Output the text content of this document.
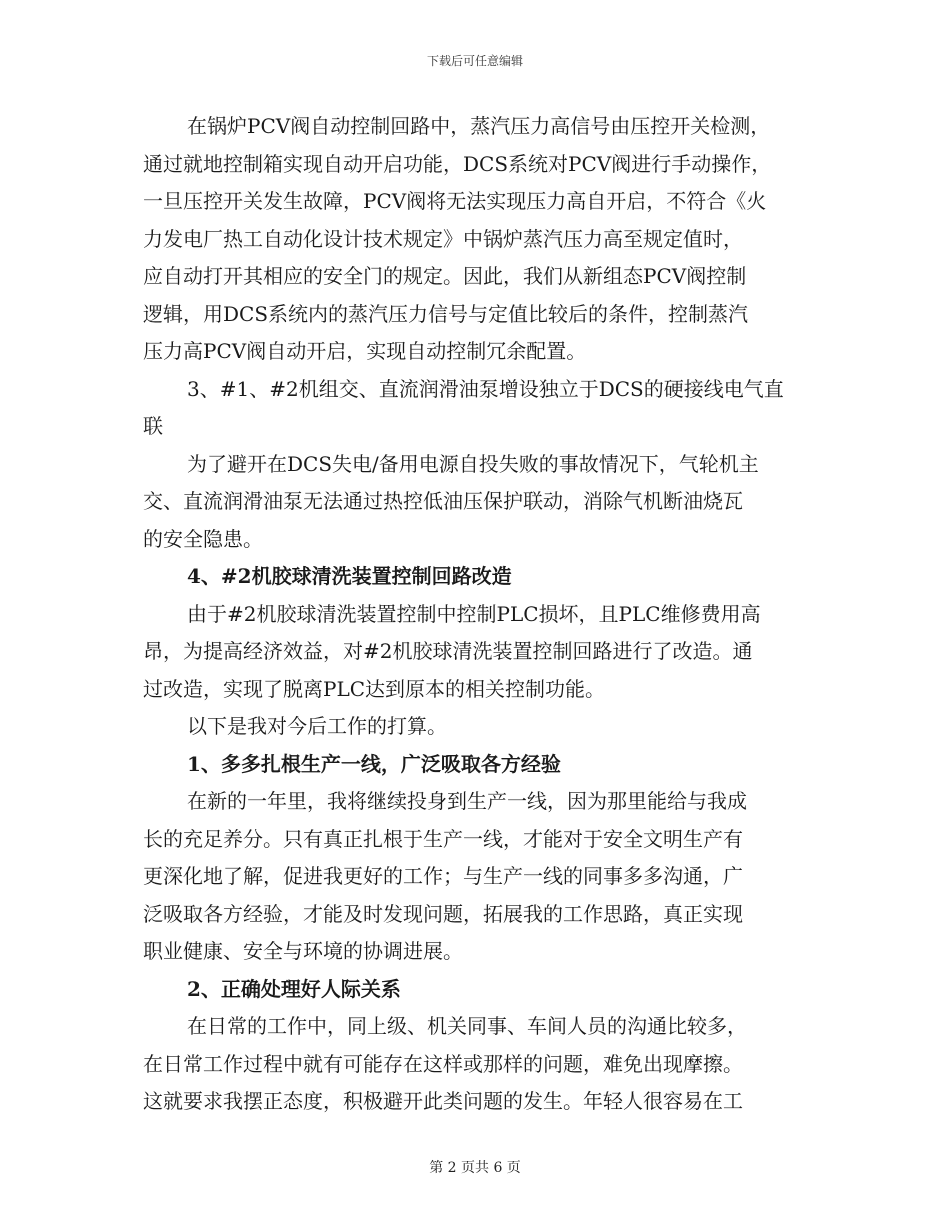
下载后可任意编辑
在锅炉PCV阀自动控制回路中，蒸汽压力高信号由压控开关检测，
通过就地控制箱实现自动开启功能，DCS系统对PCV阀进行手动操作，
一旦压控开关发生故障，PCV阀将无法实现压力高自开启，不符合《火
力发电厂热工自动化设计技术规定》中锅炉蒸汽压力高至规定值时，
应自动打开其相应的安全门的规定。因此，我们从新组态PCV阀控制
逻辑，用DCS系统内的蒸汽压力信号与定值比较后的条件，控制蒸汽
压力高PCV阀自动开启，实现自动控制冗余配置。
3、#1、#2机组交、直流润滑油泵增设独立于DCS的硬接线电气直
联
为了避开在DCS失电/备用电源自投失败的事故情况下，气轮机主
交、直流润滑油泵无法通过热控低油压保护联动，消除气机断油烧瓦
的安全隐患。
4、#2机胶球清洗装置控制回路改造
由于#2机胶球清洗装置控制中控制PLC损坏，且PLC维修费用高
昂，为提高经济效益，对#2机胶球清洗装置控制回路进行了改造。通
过改造，实现了脱离PLC达到原本的相关控制功能。
以下是我对今后工作的打算。
1、多多扎根生产一线，广泛吸取各方经验
在新的一年里，我将继续投身到生产一线，因为那里能给与我成
长的充足养分。只有真正扎根于生产一线，才能对于安全文明生产有
更深化地了解，促进我更好的工作；与生产一线的同事多多沟通，广
泛吸取各方经验，才能及时发现问题，拓展我的工作思路，真正实现
职业健康、安全与环境的协调进展。
2、正确处理好人际关系
在日常的工作中，同上级、机关同事、车间人员的沟通比较多，
在日常工作过程中就有可能存在这样或那样的问题，难免出现摩擦。
这就要求我摆正态度，积极避开此类问题的发生。年轻人很容易在工
第 2 页共 6 页
